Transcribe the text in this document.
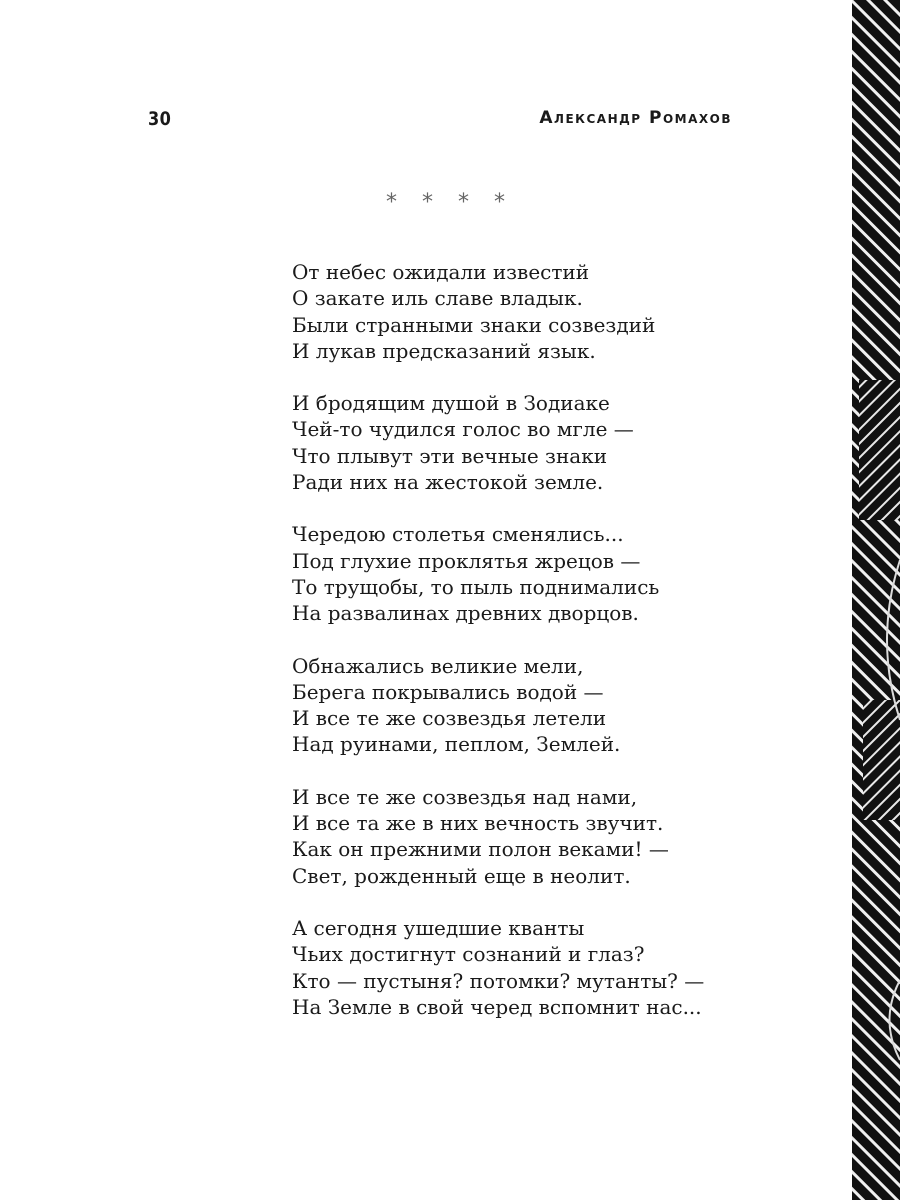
30	Александр Ромахов
* * * *
От небес ожидали известий
О закате иль славе владык.
Были странными знаки созвездий
И лукав предсказаний язык.
И бродящим душой в Зодиаке
Чей-то чудился голос во мгле —
Что плывут эти вечные знаки
Ради них на жестокой земле.
Чередою столетья сменялись...
Под глухие проклятья жрецов —
То трущобы, то пыль поднимались
На развалинах древних дворцов.
Обнажались великие мели,
Берега покрывались водой —
И все те же созвездья летели
Над руинами, пеплом, Землей.
И все те же созвездья над нами,
И все та же в них вечность звучит.
Как он прежними полон веками! —
Свет, рожденный еще в неолит.
А сегодня ушедшие кванты
Чьих достигнут сознаний и глаз?
Кто — пустыня? потомки? мутанты? —
На Земле в свой черед вспомнит нас...
